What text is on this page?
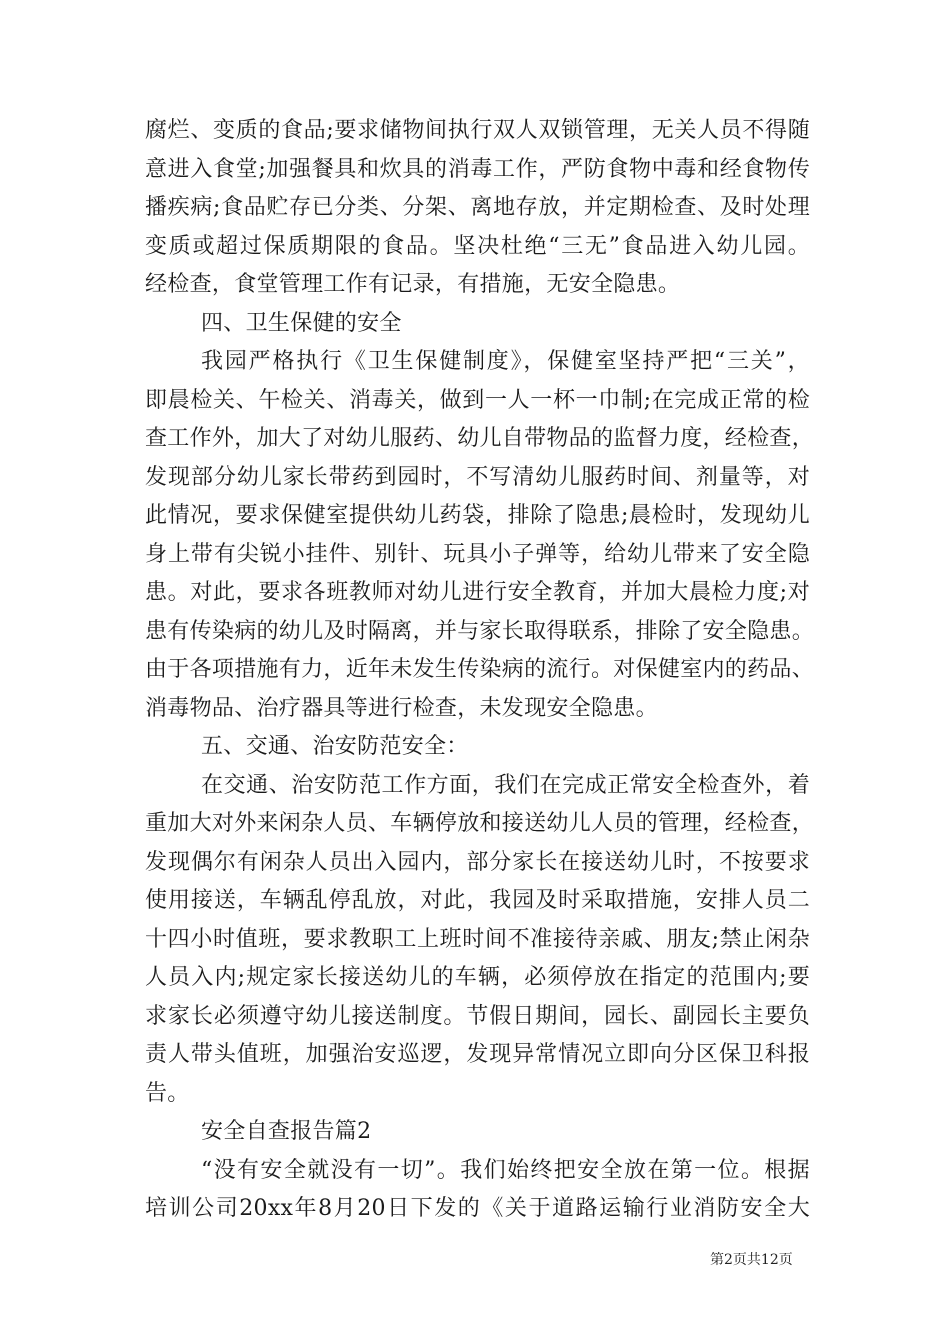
腐烂、变质的食品;要求储物间执行双人双锁管理，无关人员不得随
意进入食堂;加强餐具和炊具的消毒工作，严防食物中毒和经食物传
播疾病;食品贮存已分类、分架、离地存放，并定期检查、及时处理
变质或超过保质期限的食品。坚决杜绝“三无”食品进入幼儿园。
经检查，食堂管理工作有记录，有措施，无安全隐患。
四、卫生保健的安全
我园严格执行《卫生保健制度》，保健室坚持严把“三关”，
即晨检关、午检关、消毒关，做到一人一杯一巾制;在完成正常的检
查工作外，加大了对幼儿服药、幼儿自带物品的监督力度，经检查，
发现部分幼儿家长带药到园时，不写清幼儿服药时间、剂量等，对
此情况，要求保健室提供幼儿药袋，排除了隐患;晨检时，发现幼儿
身上带有尖锐小挂件、别针、玩具小子弹等，给幼儿带来了安全隐
患。对此，要求各班教师对幼儿进行安全教育，并加大晨检力度;对
患有传染病的幼儿及时隔离，并与家长取得联系，排除了安全隐患。
由于各项措施有力，近年未发生传染病的流行。对保健室内的药品、
消毒物品、治疗器具等进行检查，未发现安全隐患。
五、交通、治安防范安全：
在交通、治安防范工作方面，我们在完成正常安全检查外，着
重加大对外来闲杂人员、车辆停放和接送幼儿人员的管理，经检查，
发现偶尔有闲杂人员出入园内，部分家长在接送幼儿时，不按要求
使用接送，车辆乱停乱放，对此，我园及时采取措施，安排人员二
十四小时值班，要求教职工上班时间不准接待亲戚、朋友;禁止闲杂
人员入内;规定家长接送幼儿的车辆，必须停放在指定的范围内;要
求家长必须遵守幼儿接送制度。节假日期间，园长、副园长主要负
责人带头值班，加强治安巡逻，发现异常情况立即向分区保卫科报
告。
安全自查报告篇2
“没有安全就没有一切”。我们始终把安全放在第一位。根据
培训公司20xx年8月20日下发的《关于道路运输行业消防安全大
第2页共12页
